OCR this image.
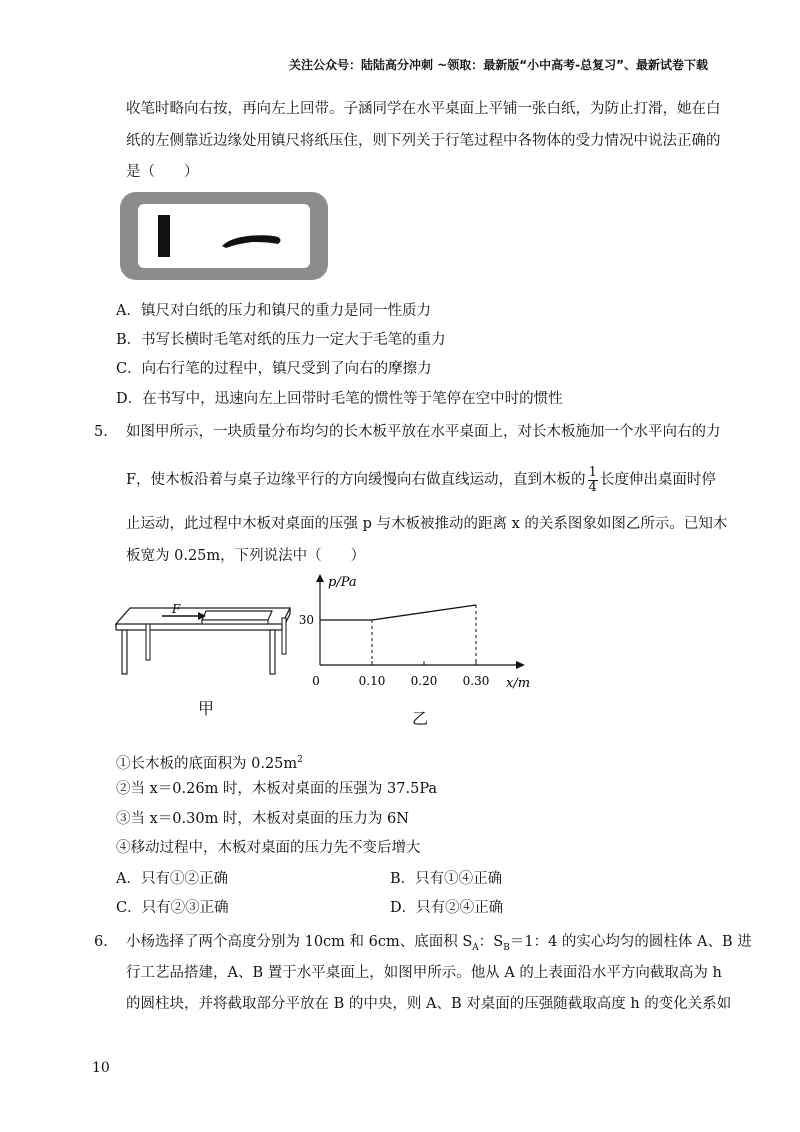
关注公众号：陆陆高分冲刺 ~领取：最新版“小中高考-总复习”、最新试卷下载
收笔时略向右按，再向左上回带。子涵同学在水平桌面上平铺一张白纸，为防止打滑，她在白
纸的左侧靠近边缘处用镇尺将纸压住，则下列关于行笔过程中各物体的受力情况中说法正确的
是（　　）
A．镇尺对白纸的压力和镇尺的重力是同一性质力
B．书写长横时毛笔对纸的压力一定大于毛笔的重力
C．向右行笔的过程中，镇尺受到了向右的摩擦力
D．在书写中，迅速向左上回带时毛笔的惯性等于笔停在空中时的惯性
5. 如图甲所示，一块质量分布均匀的长木板平放在水平桌面上，对长木板施加一个水平向右的力
F，使木板沿着与桌子边缘平行的方向缓慢向右做直线运动，直到木板的 $\frac{1}{4}$ 长度伸出桌面时停
止运动，此过程中木板对桌面的压强 p 与木板被推动的距离 x 的关系图象如图乙所示。已知木
板宽为 0.25m，下列说法中（　　）
F
甲
p/Pa
x/m
0	0.10 0.20 0.30
30
乙
①长木板的底面积为 $0.25m^2$
②当 x＝0.26m 时，木板对桌面的压强为 37.5Pa
③当 x＝0.30m 时，木板对桌面的压力为 6N
④移动过程中，木板对桌面的压力先不变后增大
A．只有①②正确	B．只有①④正确
C．只有②③正确	D．只有②④正确
6. 小杨选择了两个高度分别为 10cm 和 6cm、底面积 $S_A$：$S_B=1$：4 的实心均匀的圆柱体 A、B 进
行工艺品搭建，A、B 置于水平桌面上，如图甲所示。他从 A 的上表面沿水平方向截取高为 h
的圆柱块，并将截取部分平放在 B 的中央，则 A、B 对桌面的压强随截取高度 h 的变化关系如
10
